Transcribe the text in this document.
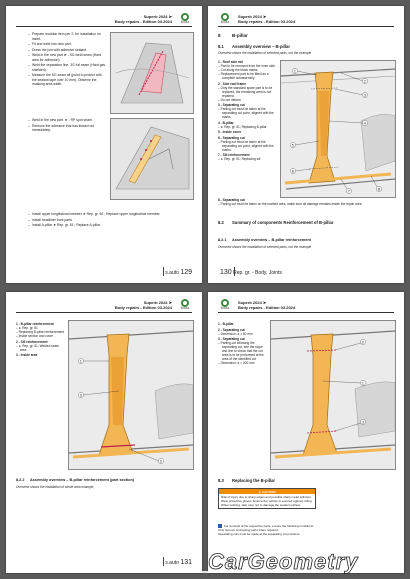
Superb 2024 ➤
Body repairs - Edition 03.2024	ŠKODA
– Prepare modular item per 2. for installation on insert.
– Fit and weld into new part.
– Dress the join with adhesive sealant.
– Weld in the new part ➤ - SG weld seam (Hard area for adhesion).
– Weld the separation line. 3G full seam (Hard gas shielded).
– Measure the SG seam all (point to protect with the sealant tape over 10 mm). Observe the masking area width.
– Weld in the new part. ➤ - RP spot seam.
– Remove the adhesive that has flowed out immediately.
– Install upper longitudinal member ➤ Rep. gr. 50 ; Replace upper longitudinal member.
– Install headliner front parts
– Install A-pillar ➤ Rep. gr. 51 ; Replace A-pillar.
s.auto 129
ŠKODA
Superb 2024 ➤
Body repairs - Edition 03.2024
8 B-pillar
8.1 Assembly overview – B-pillar
Overview shows the installation of selected parts, not the example
1 - Roof side rail
– Part to be removed from the inner side
– Cut along the black marks
– Replacement part to be fitted as a complete subassembly
2 - Side roof frame
– Only the standard spare part is to be replaced, the remaining area is not repaired
– Do not deform
3 - Separating cut
– Parting cut must be taken at the separating cut point, aligned with the marks
4 - B-pillar
– ➤ Rep. gr. 51; Replacing B-pillar
5 - Inside cover
6 - Separating cut
– Parting cut must be taken at the separating cut point, aligned with the marks
7 - Sill reinforcement
– ➤ Rep. gr. 51; Replacing sill
8 - Separating cut
– Parting cut must be taken on the marked area, make sure all damage remains inside the repair area
1
2
3
4
5
6
7	8
8.2 Summary of components Reinforcement of B-pillar
8.2.1 Assembly overview – B-pillar reinforcement
Overview shows the installation of selected parts, not the example
130 Rep. gr. - Body, Joints
Superb 2024 ➤
Body repairs - Edition 03.2024	ŠKODA
1 - B-pillar reinforcement
– ➤ Rep. gr. 51
– Replacing B-pillar reinforcement
– Inside section and cover
2 - Sill reinforcement
– ➤ Rep. gr. 51; Welded seam area
3 - Inside area
1
2
3
8.2.2 Assembly overview – B-pillar reinforcement (part section)
Overview shows the installation of whole area example
s.auto 131
ŠKODA
Superb 2024 ➤
Body repairs - Edition 03.2024
1 - B-pillar
2 - Separating cut
– Dimension: a = 60 mm
3 - Separating cut
– Parting cut following the separating cut, see the slope and line to check that the cut area is to be performed at the area of the identified cut
– Dimension: a = 200 mm
1
2
3
8.3 Replacing the B-pillar
⚠ CAUTION
Risk of injury due to sharp edges and possible sharp metal splinters. Wear protective gloves. Ensure the vehicle is secured against rolling. When working, take care not to damage the sealant surface.
For removal of the respective parts, ensure the following conditions:
Only remove connecting parts when required.
Separating cuts must be made at the separating cut positions.
CarGeometry
